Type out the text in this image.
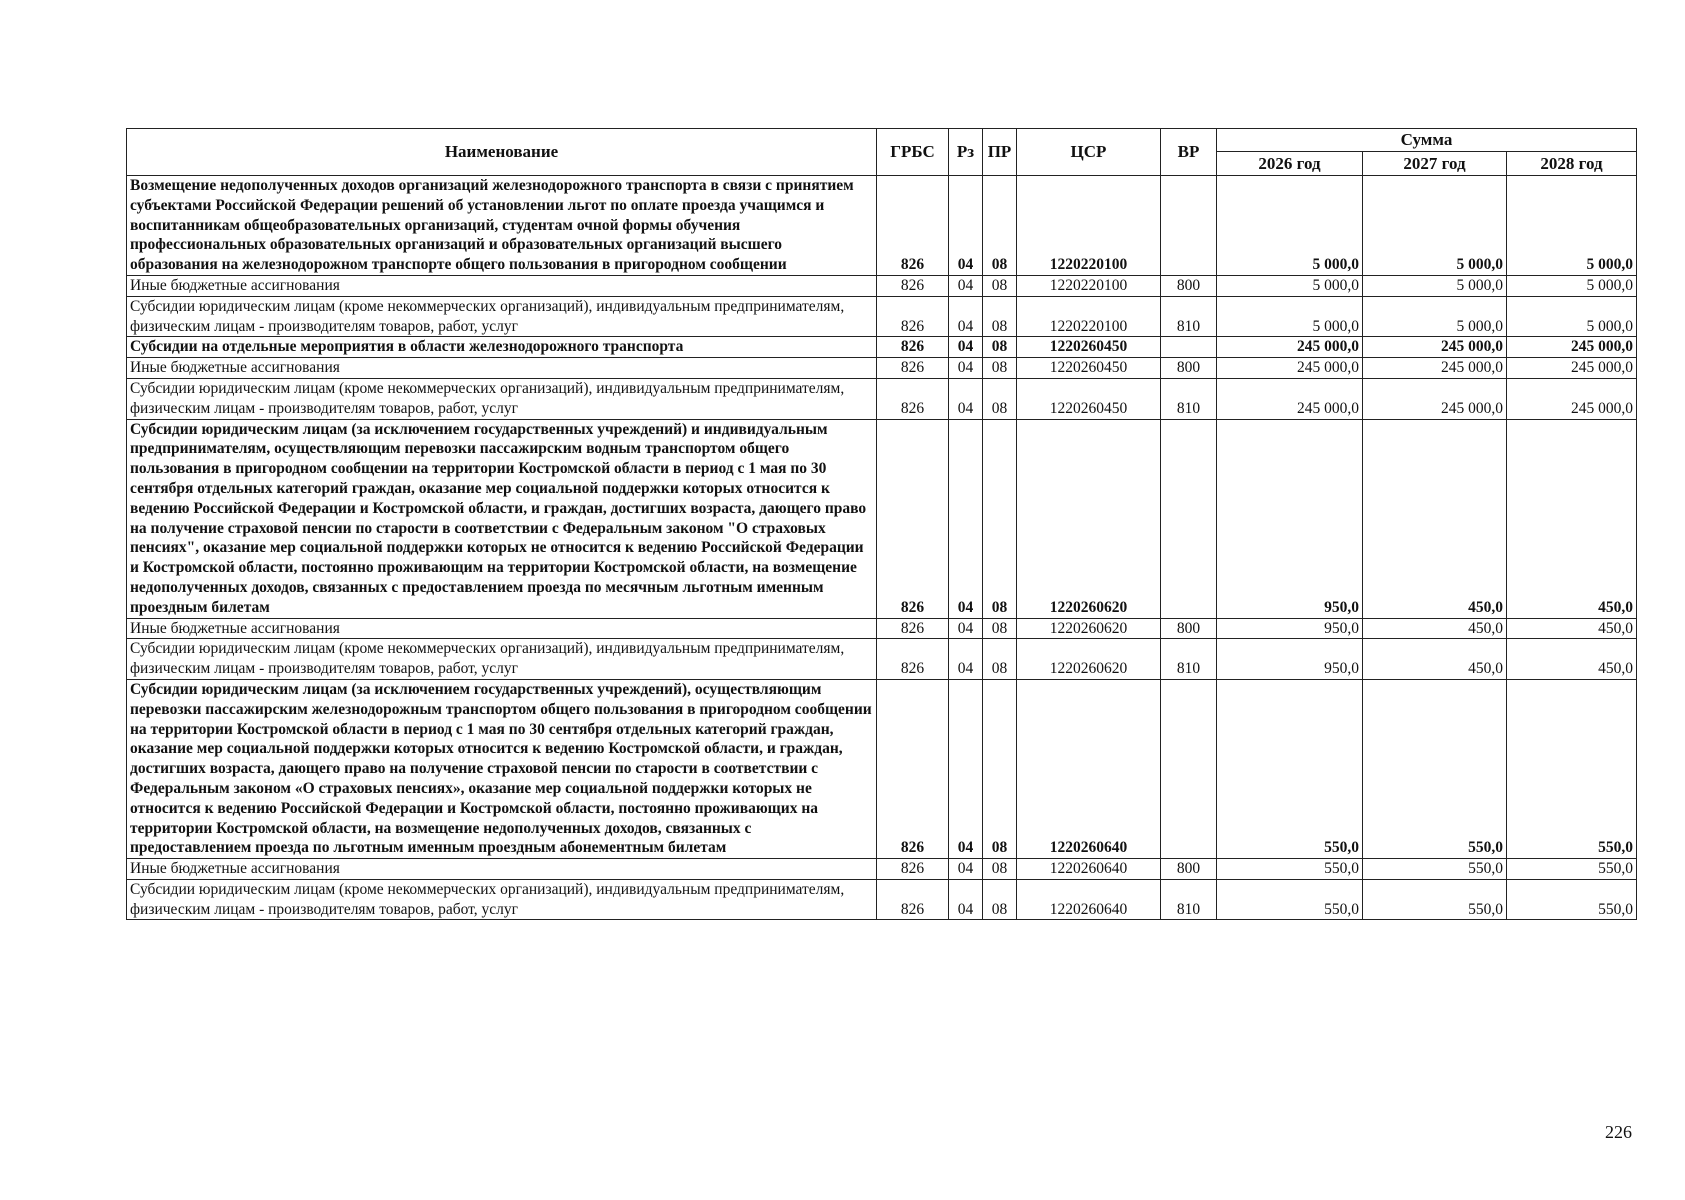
Наименование	ГРБС	Рз	ПР	ЦСР	ВР	Сумма		
						2026 год	2027 год	2028 год
Возмещение недополученных доходов организаций железнодорожного транспорта в связи с принятием субъектами Российской Федерации решений об установлении льгот по оплате проезда учащимся и воспитанникам общеобразовательных организаций, студентам очной формы обучения профессиональных образовательных организаций и образовательных организаций высшего образования на железнодорожном транспорте общего пользования в пригородном сообщении	826	04	08	1220220100		5 000,0	5 000,0	5 000,0
Иные бюджетные ассигнования	826	04	08	1220220100	800	5 000,0	5 000,0	5 000,0
Субсидии юридическим лицам (кроме некоммерческих организаций), индивидуальным предпринимателям, физическим лицам - производителям товаров, работ, услуг	826	04	08	1220220100	810	5 000,0	5 000,0	5 000,0
Субсидии на отдельные мероприятия в области железнодорожного транспорта	826	04	08	1220260450		245 000,0	245 000,0	245 000,0
Иные бюджетные ассигнования	826	04	08	1220260450	800	245 000,0	245 000,0	245 000,0
Субсидии юридическим лицам (кроме некоммерческих организаций), индивидуальным предпринимателям, физическим лицам - производителям товаров, работ, услуг	826	04	08	1220260450	810	245 000,0	245 000,0	245 000,0
Субсидии юридическим лицам (за исключением государственных учреждений) и индивидуальным предпринимателям, осуществляющим перевозки пассажирским водным транспортом общего пользования в пригородном сообщении на территории Костромской области в период с 1 мая по 30 сентября отдельных категорий граждан, оказание мер социальной поддержки которых относится к ведению Российской Федерации и Костромской области, и граждан, достигших возраста, дающего право на получение страховой пенсии по старости в соответствии с Федеральным законом "О страховых пенсиях", оказание мер социальной поддержки которых не относится к ведению Российской Федерации и Костромской области, постоянно проживающим на территории Костромской области, на возмещение недополученных доходов, связанных с предоставлением проезда по месячным льготным именным проездным билетам	826	04	08	1220260620		950,0	450,0	450,0
Иные бюджетные ассигнования	826	04	08	1220260620	800	950,0	450,0	450,0
Субсидии юридическим лицам (кроме некоммерческих организаций), индивидуальным предпринимателям, физическим лицам - производителям товаров, работ, услуг	826	04	08	1220260620	810	950,0	450,0	450,0
Субсидии юридическим лицам (за исключением государственных учреждений), осуществляющим перевозки пассажирским железнодорожным транспортом общего пользования в пригородном сообщении на территории Костромской области в период с 1 мая по 30 сентября отдельных категорий граждан, оказание мер социальной поддержки которых относится к ведению Костромской области, и граждан, достигших возраста, дающего право на получение страховой пенсии по старости в соответствии с Федеральным законом «О страховых пенсиях», оказание мер социальной поддержки которых не относится к ведению Российской Федерации и Костромской области, постоянно проживающих на территории Костромской области, на возмещение недополученных доходов, связанных с предоставлением проезда по льготным именным проездным абонементным билетам	826	04	08	1220260640		550,0	550,0	550,0
Иные бюджетные ассигнования	826	04	08	1220260640	800	550,0	550,0	550,0
Субсидии юридическим лицам (кроме некоммерческих организаций), индивидуальным предпринимателям, физическим лицам - производителям товаров, работ, услуг	826	04	08	1220260640	810	550,0	550,0	550,0
226
